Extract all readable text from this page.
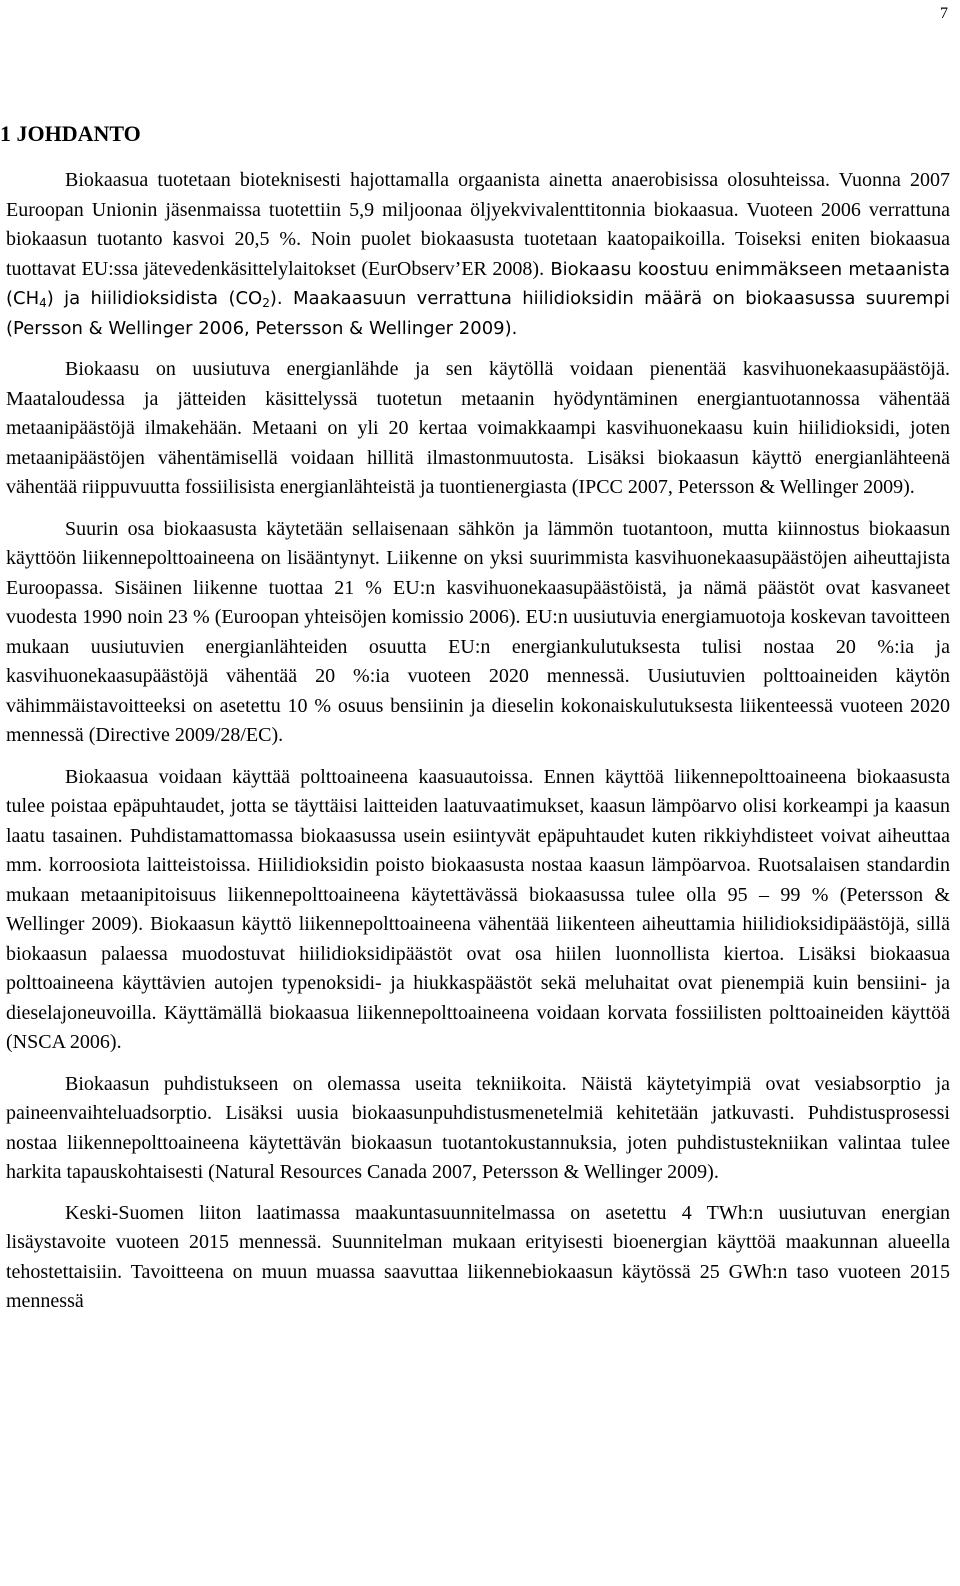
7
1 JOHDANTO

Biokaasua tuotetaan bioteknisesti hajottamalla orgaanista ainetta anaerobisissa olosuhteissa. Vuonna 2007 Euroopan Unionin jäsenmaissa tuotettiin 5,9 miljoonaa öljyekvivalenttitonnia biokaasua. Vuoteen 2006 verrattuna biokaasun tuotanto kasvoi 20,5 %. Noin puolet biokaasusta tuotetaan kaatopaikoilla. Toiseksi eniten biokaasua tuottavat EU:ssa jätevedenkäsittelylaitokset (EurObserv’ER 2008). Biokaasu koostuu enimmäkseen metaanista $(CH_4)$ ja hiilidioksidista $(CO_2)$. Maakaasuun verrattuna hiilidioksidin määrä on biokaasussa suurempi (Persson & Wellinger 2006, Petersson & Wellinger 2009).

Biokaasu on uusiutuva energianlähde ja sen käytöllä voidaan pienentää kasvihuonekaasupäästöjä. Maataloudessa ja jätteiden käsittelyssä tuotetun metaanin hyödyntäminen energiantuotannossa vähentää metaanipäästöjä ilmakehään. Metaani on yli 20 kertaa voimakkaampi kasvihuonekaasu kuin hiilidioksidi, joten metaanipäästöjen vähentämisellä voidaan hillitä ilmastonmuutosta. Lisäksi biokaasun käyttö energianlähteenä vähentää riippuvuutta fossiilisista energianlähteistä ja tuontienergiasta (IPCC 2007, Petersson & Wellinger 2009).

Suurin osa biokaasusta käytetään sellaisenaan sähkön ja lämmön tuotantoon, mutta kiinnostus biokaasun käyttöön liikennepolttoaineena on lisääntynyt. Liikenne on yksi suurimmista kasvihuonekaasupäästöjen aiheuttajista Euroopassa. Sisäinen liikenne tuottaa 21 % EU:n kasvihuonekaasupäästöistä, ja nämä päästöt ovat kasvaneet vuodesta 1990 noin 23 % (Euroopan yhteisöjen komissio 2006). EU:n uusiutuvia energiamuotoja koskevan tavoitteen mukaan uusiutuvien energianlähteiden osuutta EU:n energiankulutuksesta tulisi nostaa 20 %:ia ja kasvihuonekaasupäästöjä vähentää 20 %:ia vuoteen 2020 mennessä. Uusiutuvien polttoaineiden käytön vähimmäistavoitteeksi on asetettu 10 % osuus bensiinin ja dieselin kokonaiskulutuksesta liikenteessä vuoteen 2020 mennessä (Directive 2009/28/EC).

Biokaasua voidaan käyttää polttoaineena kaasuautoissa. Ennen käyttöä liikennepolttoaineena biokaasusta tulee poistaa epäpuhtaudet, jotta se täyttäisi laitteiden laatuvaatimukset, kaasun lämpöarvo olisi korkeampi ja kaasun laatu tasainen. Puhdistamattomassa biokaasussa usein esiintyvät epäpuhtaudet kuten rikkiyhdisteet voivat aiheuttaa mm. korroosiota laitteistoissa. Hiilidioksidin poisto biokaasusta nostaa kaasun lämpöarvoa. Ruotsalaisen standardin mukaan metaanipitoisuus liikennepolttoaineena käytettävässä biokaasussa tulee olla 95 – 99 % (Petersson & Wellinger 2009). Biokaasun käyttö liikennepolttoaineena vähentää liikenteen aiheuttamia hiilidioksidipäästöjä, sillä biokaasun palaessa muodostuvat hiilidioksidipäästöt ovat osa hiilen luonnollista kiertoa. Lisäksi biokaasua polttoaineena käyttävien autojen typenoksidi- ja hiukkaspäästöt sekä meluhaitat ovat pienempiä kuin bensiini- ja dieselajoneuvoilla. Käyttämällä biokaasua liikennepolttoaineena voidaan korvata fossiilisten polttoaineiden käyttöä (NSCA 2006).

Biokaasun puhdistukseen on olemassa useita tekniikoita. Näistä käytetyimpiä ovat vesiabsorptio ja paineenvaihteluadsorptio. Lisäksi uusia biokaasunpuhdistusmenetelmiä kehitetään jatkuvasti. Puhdistusprosessi nostaa liikennepolttoaineena käytettävän biokaasun tuotantokustannuksia, joten puhdistustekniikan valintaa tulee harkita tapauskohtaisesti (Natural Resources Canada 2007, Petersson & Wellinger 2009).

Keski-Suomen liiton laatimassa maakuntasuunnitelmassa on asetettu 4 TWh:n uusiutuvan energian lisäystavoite vuoteen 2015 mennessä. Suunnitelman mukaan erityisesti bioenergian käyttöä maakunnan alueella tehostettaisiin. Tavoitteena on muun muassa saavuttaa liikennebiokaasun käytössä 25 GWh:n taso vuoteen 2015 mennessä
